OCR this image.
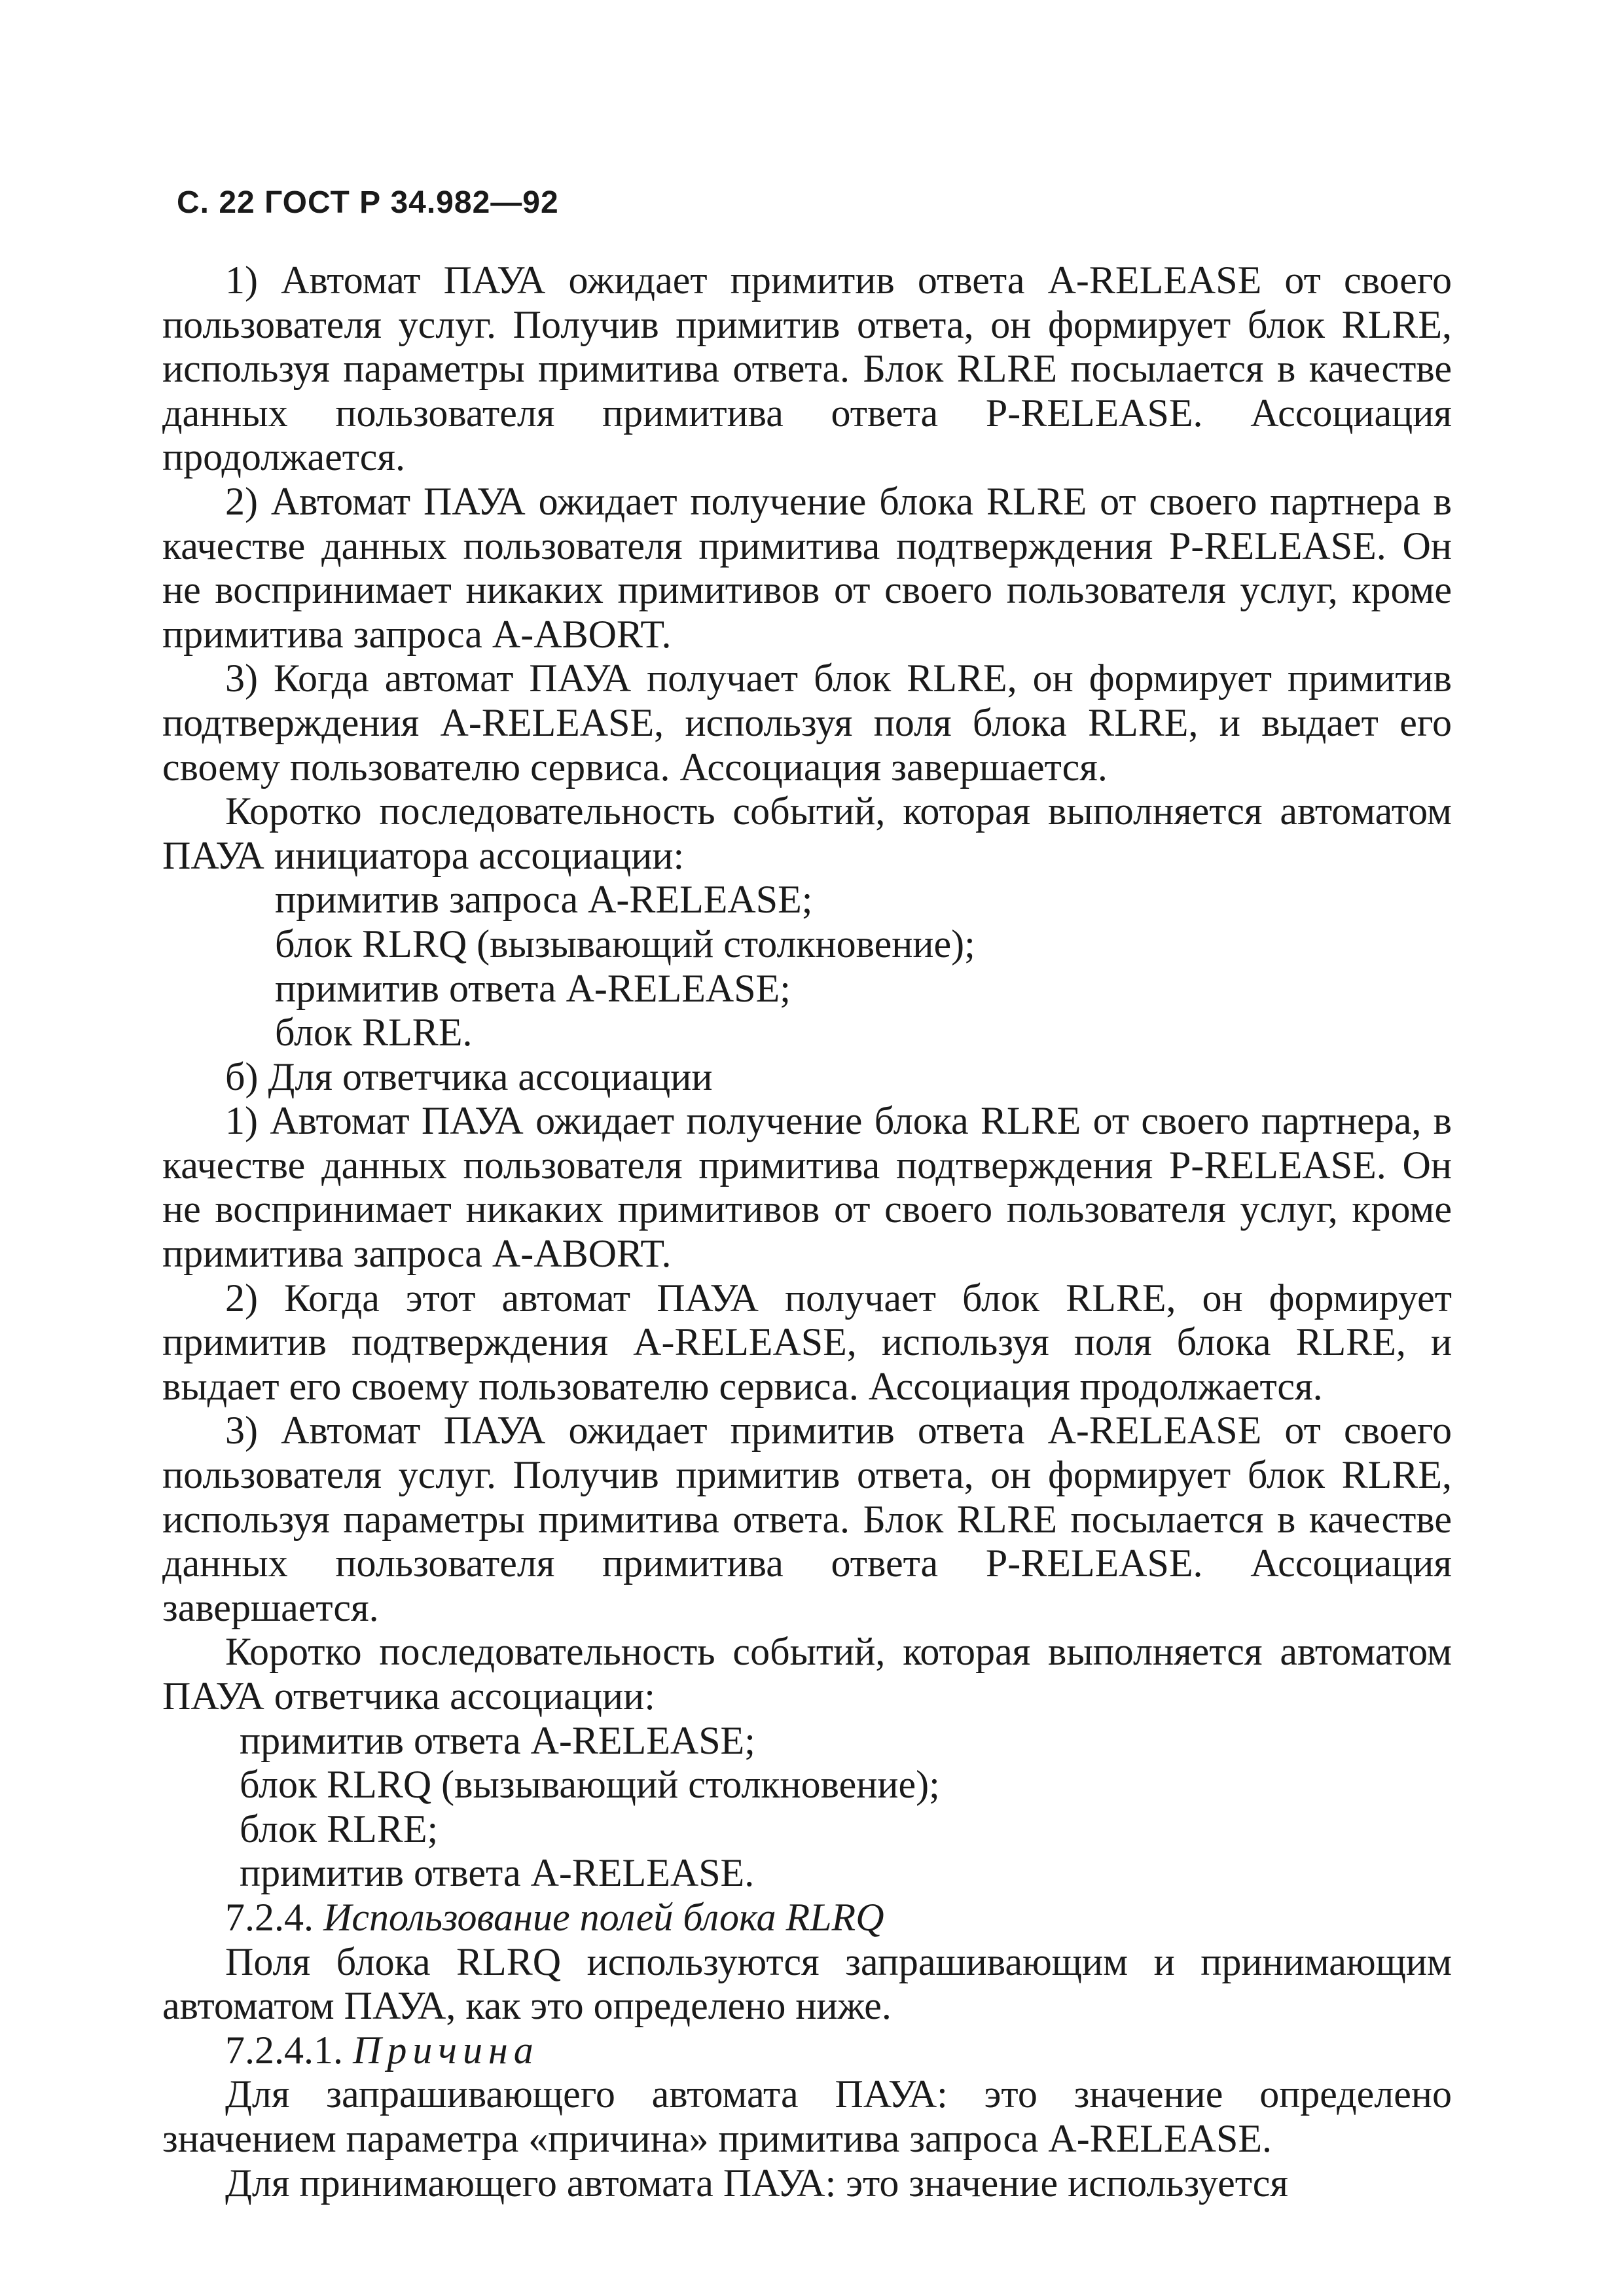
С. 22 ГОСТ Р 34.982—92

1) Автомат ПАУА ожидает примитив ответа A-RELEASE от своего пользователя услуг. Получив примитив ответа, он формирует блок RLRE, используя параметры примитива ответа. Блок RLRE посылается в качестве данных пользователя примитива ответа P-RELEASE. Ассоциация продолжается.

2) Автомат ПАУА ожидает получение блока RLRE от своего партнера в качестве данных пользователя примитива подтверждения P-RELEASE. Он не воспринимает никаких примитивов от своего пользователя услуг, кроме примитива запроса A-ABORT.

3) Когда автомат ПАУА получает блок RLRE, он формирует примитив подтверждения A-RELEASE, используя поля блока RLRE, и выдает его своему пользователю сервиса. Ассоциация завершается.

Коротко последовательность событий, которая выполняется автоматом ПАУА инициатора ассоциации:

примитив запроса A-RELEASE;
блок RLRQ (вызывающий столкновение);
примитив ответа A-RELEASE;
блок RLRE.

б) Для ответчика ассоциации

1) Автомат ПАУА ожидает получение блока RLRE от своего партнера, в качестве данных пользователя примитива подтверждения P-RELEASE. Он не воспринимает никаких примитивов от своего пользователя услуг, кроме примитива запроса A-ABORT.

2) Когда этот автомат ПАУА получает блок RLRE, он формирует примитив подтверждения A-RELEASE, используя поля блока RLRE, и выдает его своему пользователю сервиса. Ассоциация продолжается.

3) Автомат ПАУА ожидает примитив ответа A-RELEASE от своего пользователя услуг. Получив примитив ответа, он формирует блок RLRE, используя параметры примитива ответа. Блок RLRE посылается в качестве данных пользователя примитива ответа P-RELEASE. Ассоциация завершается.

Коротко последовательность событий, которая выполняется автоматом ПАУА ответчика ассоциации:

примитив ответа A-RELEASE;
блок RLRQ (вызывающий столкновение);
блок RLRE;
примитив ответа A-RELEASE.

7.2.4. Использование полей блока RLRQ

Поля блока RLRQ используются запрашивающим и принимающим автоматом ПАУА, как это определено ниже.

7.2.4.1. Причина

Для запрашивающего автомата ПАУА: это значение определено значением параметра «причина» примитива запроса A-RELEASE.

Для принимающего автомата ПАУА: это значение используется
